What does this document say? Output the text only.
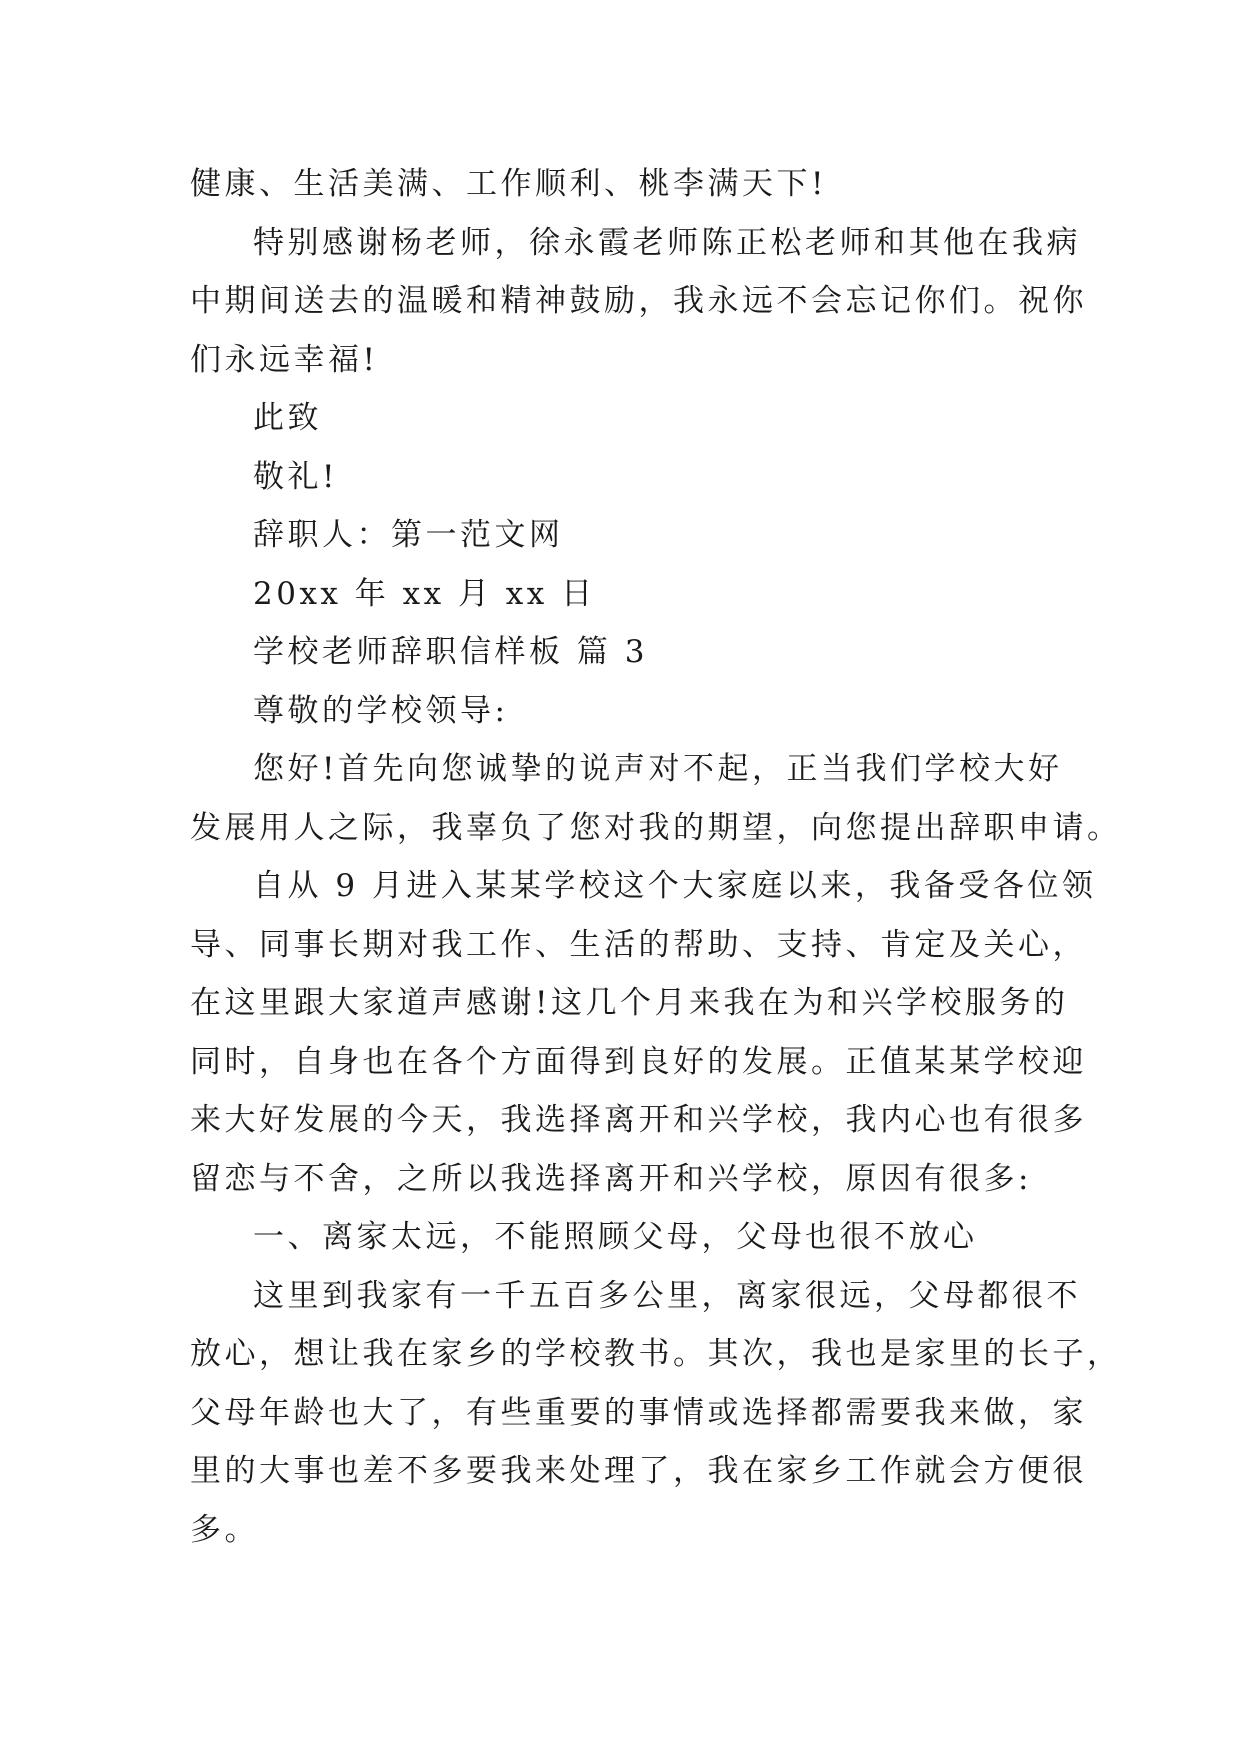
健康、生活美满、工作顺利、桃李满天下!

特别感谢杨老师，徐永霞老师陈正松老师和其他在我病

中期间送去的温暖和精神鼓励，我永远不会忘记你们。祝你

们永远幸福!

此致

敬礼!

辞职人：第一范文网

20xx 年 xx 月 xx 日

学校老师辞职信样板 篇 3

尊敬的学校领导:

您好!首先向您诚挚的说声对不起，正当我们学校大好

发展用人之际，我辜负了您对我的期望，向您提出辞职申请。

自从 9 月进入某某学校这个大家庭以来，我备受各位领

导、同事长期对我工作、生活的帮助、支持、肯定及关心，

在这里跟大家道声感谢!这几个月来我在为和兴学校服务的

同时，自身也在各个方面得到良好的发展。正值某某学校迎

来大好发展的今天，我选择离开和兴学校，我内心也有很多

留恋与不舍，之所以我选择离开和兴学校，原因有很多:

一、离家太远，不能照顾父母，父母也很不放心

这里到我家有一千五百多公里，离家很远，父母都很不

放心，想让我在家乡的学校教书。其次，我也是家里的长子，

父母年龄也大了，有些重要的事情或选择都需要我来做，家

里的大事也差不多要我来处理了，我在家乡工作就会方便很

多。
